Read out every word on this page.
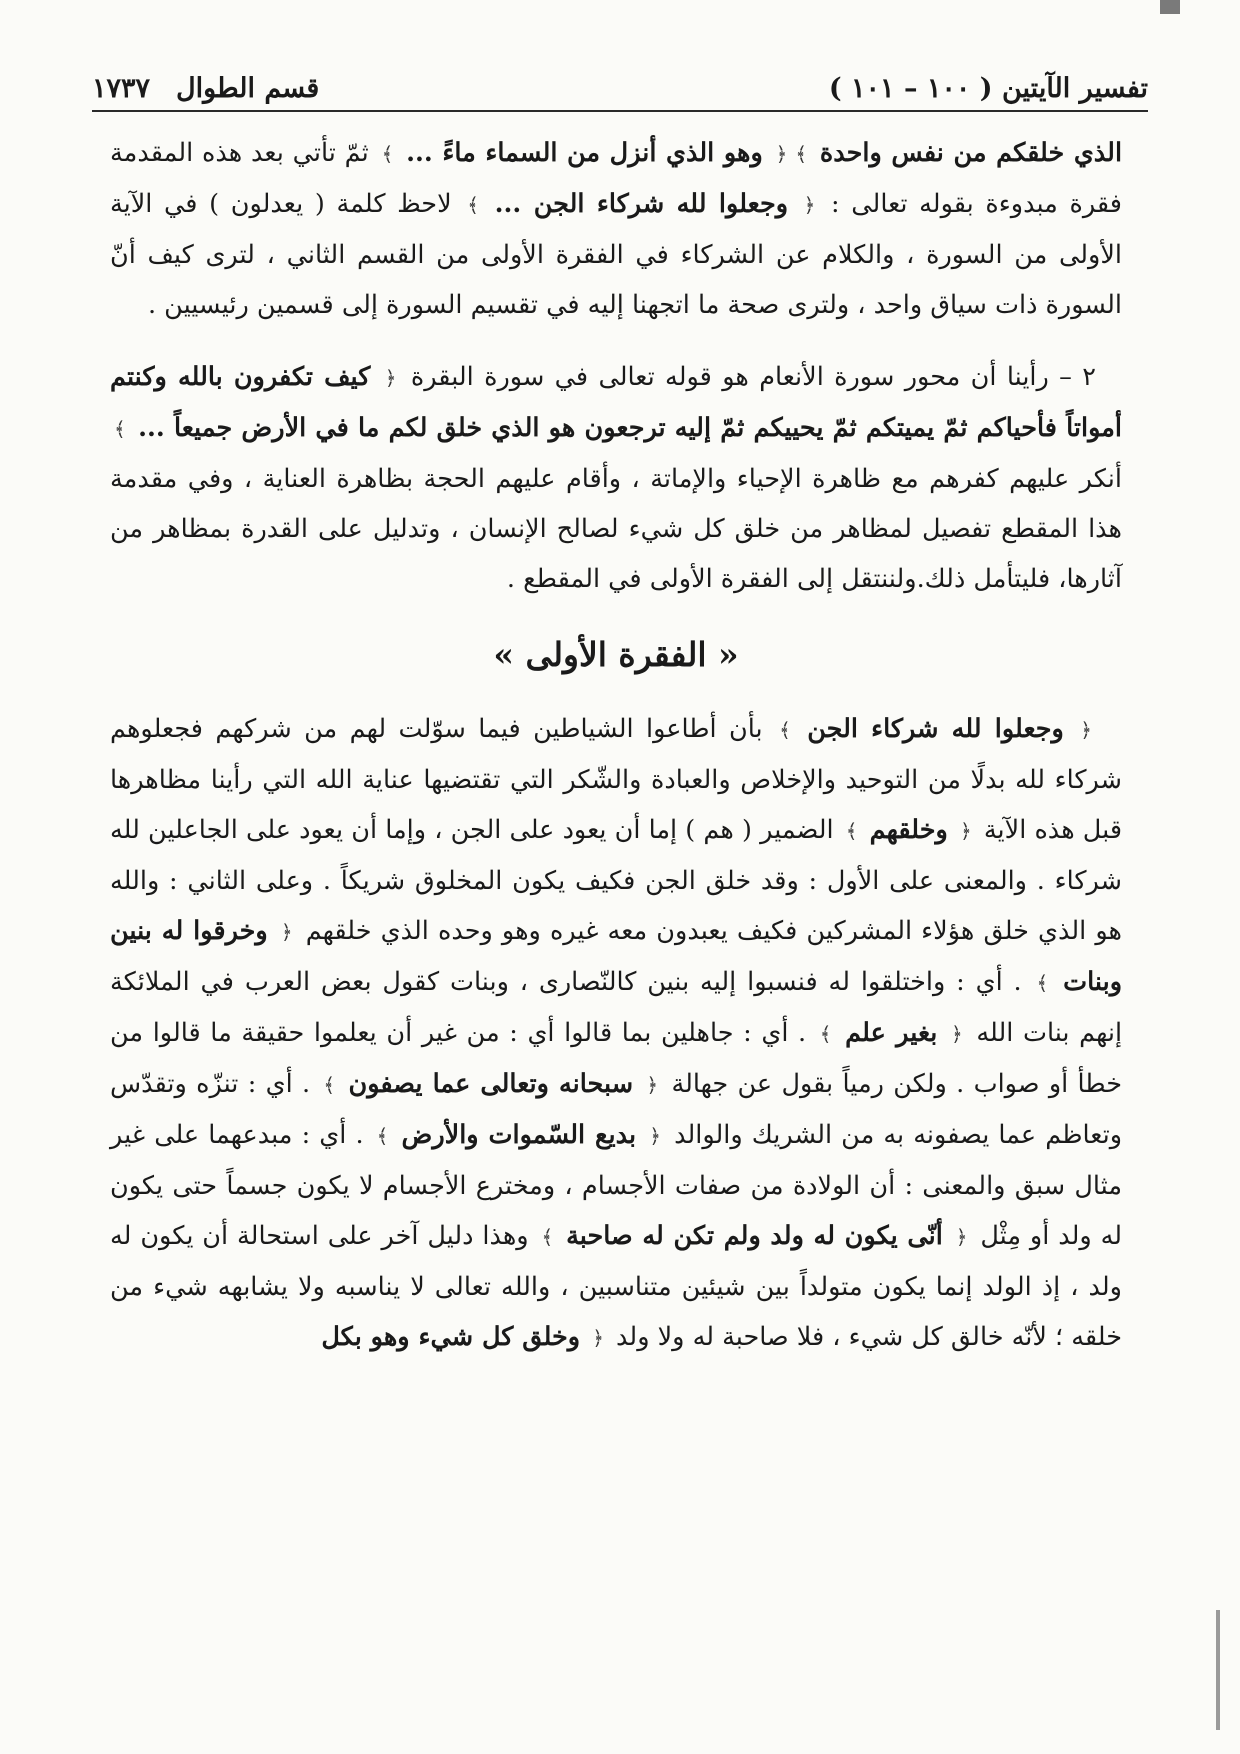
تفسير الآيتين ( ١٠٠ – ١٠١ )
قسم الطوال
١٧٣٧

الذي خلقكم من نفس واحدة ﴾﴿ وهو الذي أنزل من السماء ماءً ... ﴾ ثمّ تأتي بعد هذه المقدمة فقرة مبدوءة بقوله تعالى : ﴿ وجعلوا لله شركاء الجن ... ﴾ لاحظ كلمة ( يعدلون ) في الآية الأولى من السورة ، والكلام عن الشركاء في الفقرة الأولى من القسم الثاني ، لترى كيف أنّ السورة ذات سياق واحد ، ولترى صحة ما اتجهنا إليه في تقسيم السورة إلى قسمين رئيسيين .

٢ – رأينا أن محور سورة الأنعام هو قوله تعالى في سورة البقرة ﴿ كيف تكفرون بالله وكنتم أمواتاً فأحياكم ثمّ يميتكم ثمّ يحييكم ثمّ إليه ترجعون هو الذي خلق لكم ما في الأرض جميعاً ... ﴾ أنكر عليهم كفرهم مع ظاهرة الإحياء والإماتة ، وأقام عليهم الحجة بظاهرة العناية ، وفي مقدمة هذا المقطع تفصيل لمظاهر من خلق كل شيء لصالح الإنسان ، وتدليل على القدرة بمظاهر من آثارها، فليتأمل ذلك.ولننتقل إلى الفقرة الأولى في المقطع .

« الفقرة الأولى »

﴿ وجعلوا لله شركاء الجن ﴾ بأن أطاعوا الشياطين فيما سوّلت لهم من شركهم فجعلوهم شركاء لله بدلًا من التوحيد والإخلاص والعبادة والشّكر التي تقتضيها عناية الله التي رأينا مظاهرها قبل هذه الآية ﴿ وخلقهم ﴾ الضمير ( هم ) إما أن يعود على الجن ، وإما أن يعود على الجاعلين لله شركاء . والمعنى على الأول : وقد خلق الجن فكيف يكون المخلوق شريكاً . وعلى الثاني : والله هو الذي خلق هؤلاء المشركين فكيف يعبدون معه غيره وهو وحده الذي خلقهم ﴿ وخرقوا له بنين وبنات ﴾ . أي : واختلقوا له فنسبوا إليه بنين كالنّصارى ، وبنات كقول بعض العرب في الملائكة إنهم بنات الله ﴿ بغير علم ﴾ . أي : جاهلين بما قالوا أي : من غير أن يعلموا حقيقة ما قالوا من خطأ أو صواب . ولكن رمياً بقول عن جهالة ﴿ سبحانه وتعالى عما يصفون ﴾ . أي : تنزّه وتقدّس وتعاظم عما يصفونه به من الشريك والوالد ﴿ بديع السّموات والأرض ﴾ . أي : مبدعهما على غير مثال سبق والمعنى : أن الولادة من صفات الأجسام ، ومخترع الأجسام لا يكون جسماً حتى يكون له ولد أو مِثْل ﴿ أنّى يكون له ولد ولم تكن له صاحبة ﴾ وهذا دليل آخر على استحالة أن يكون له ولد ، إذ الولد إنما يكون متولداً بين شيئين متناسبين ، والله تعالى لا يناسبه ولا يشابهه شيء من خلقه ؛ لأنّه خالق كل شيء ، فلا صاحبة له ولا ولد ﴿ وخلق كل شيء وهو بكل
